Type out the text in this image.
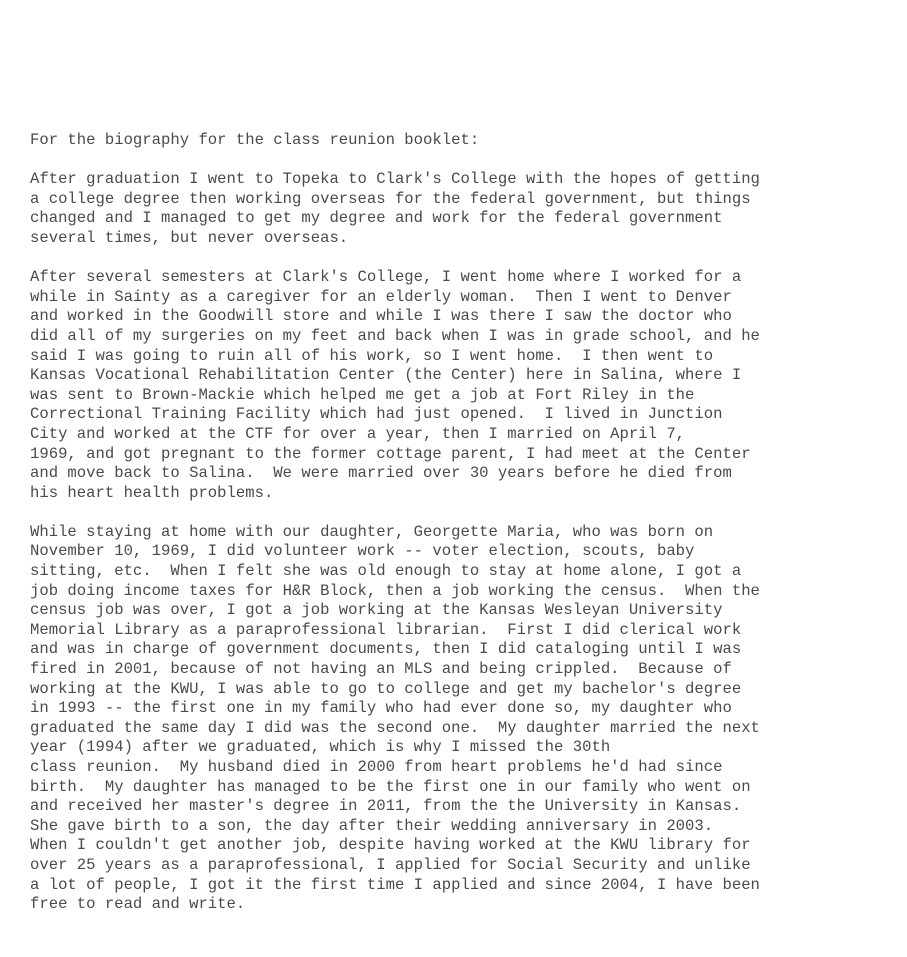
For the biography for the class reunion booklet:
After graduation I went to Topeka to Clark's College with the hopes of getting
a college degree then working overseas for the federal government, but things
changed and I managed to get my degree and work for the federal government
several times, but never overseas.
After several semesters at Clark's College, I went home where I worked for a
while in Sainty as a caregiver for an elderly woman.  Then I went to Denver
and worked in the Goodwill store and while I was there I saw the doctor who
did all of my surgeries on my feet and back when I was in grade school, and he
said I was going to ruin all of his work, so I went home.  I then went to
Kansas Vocational Rehabilitation Center (the Center) here in Salina, where I
was sent to Brown-Mackie which helped me get a job at Fort Riley in the
Correctional Training Facility which had just opened.  I lived in Junction
City and worked at the CTF for over a year, then I married on April 7,
1969, and got pregnant to the former cottage parent, I had meet at the Center
and move back to Salina.  We were married over 30 years before he died from
his heart health problems.
While staying at home with our daughter, Georgette Maria, who was born on
November 10, 1969, I did volunteer work -- voter election, scouts, baby
sitting, etc.  When I felt she was old enough to stay at home alone, I got a
job doing income taxes for H&R Block, then a job working the census.  When the
census job was over, I got a job working at the Kansas Wesleyan University
Memorial Library as a paraprofessional librarian.  First I did clerical work
and was in charge of government documents, then I did cataloging until I was
fired in 2001, because of not having an MLS and being crippled.  Because of
working at the KWU, I was able to go to college and get my bachelor's degree
in 1993 -- the first one in my family who had ever done so, my daughter who
graduated the same day I did was the second one.  My daughter married the next
year (1994) after we graduated, which is why I missed the 30th
class reunion.  My husband died in 2000 from heart problems he'd had since
birth.  My daughter has managed to be the first one in our family who went on
and received her master's degree in 2011, from the the University in Kansas.
She gave birth to a son, the day after their wedding anniversary in 2003.
When I couldn't get another job, despite having worked at the KWU library for
over 25 years as a paraprofessional, I applied for Social Security and unlike
a lot of people, I got it the first time I applied and since 2004, I have been
free to read and write.
